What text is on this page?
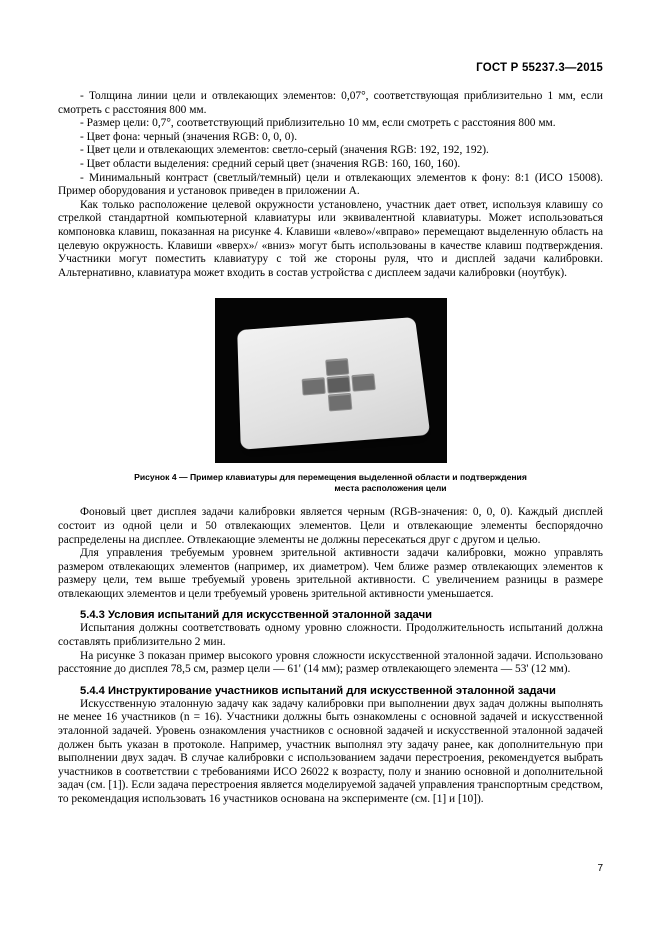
ГОСТ Р 55237.3—2015

- Толщина линии цели и отвлекающих элементов: 0,07°, соответствующая приблизительно 1 мм, если смотреть с расстояния 800 мм.

- Размер цели: 0,7°, соответствующий приблизительно 10 мм, если смотреть с расстояния 800 мм.

- Цвет фона: черный (значения RGB: 0, 0, 0).

- Цвет цели и отвлекающих элементов: светло-серый (значения RGB: 192, 192, 192).

- Цвет области выделения: средний серый цвет (значения RGB: 160, 160, 160).

- Минимальный контраст (светлый/темный) цели и отвлекающих элементов к фону: 8:1 (ИСО 15008). Пример оборудования и установок приведен в приложении А.

Как только расположение целевой окружности установлено, участник дает ответ, используя клавишу со стрелкой стандартной компьютерной клавиатуры или эквивалентной клавиатуры. Может использоваться компоновка клавиш, показанная на рисунке 4. Клавиши «влево»/«вправо» перемещают выделенную область на целевую окружность. Клавиши «вверх»/ «вниз» могут быть использованы в качестве клавиш подтверждения. Участники могут поместить клавиатуру с той же стороны руля, что и дисплей задачи калибровки. Альтернативно, клавиатура может входить в состав устройства с дисплеем задачи калибровки (ноутбук).

Рисунок 4 — Пример клавиатуры для перемещения выделенной области и подтверждения
места расположения цели

Фоновый цвет дисплея задачи калибровки является черным (RGB-значения: 0, 0, 0). Каждый дисплей состоит из одной цели и 50 отвлекающих элементов. Цели и отвлекающие элементы беспорядочно распределены на дисплее. Отвлекающие элементы не должны пересекаться друг с другом и целью.

Для управления требуемым уровнем зрительной активности задачи калибровки, можно управлять размером отвлекающих элементов (например, их диаметром). Чем ближе размер отвлекающих элементов к размеру цели, тем выше требуемый уровень зрительной активности. С увеличением разницы в размере отвлекающих элементов и цели требуемый уровень зрительной активности уменьшается.

5.4.3 Условия испытаний для искусственной эталонной задачи

Испытания должны соответствовать одному уровню сложности. Продолжительность испытаний должна составлять приблизительно 2 мин.

На рисунке 3 показан пример высокого уровня сложности искусственной эталонной задачи. Использовано расстояние до дисплея 78,5 см, размер цели — 61' (14 мм); размер отвлекающего элемента — 53' (12 мм).

5.4.4 Инструктирование участников испытаний для искусственной эталонной задачи

Искусственную эталонную задачу как задачу калибровки при выполнении двух задач должны выполнять не менее 16 участников (n = 16). Участники должны быть ознакомлены с основной задачей и искусственной эталонной задачей. Уровень ознакомления участников с основной задачей и искусственной эталонной задачей должен быть указан в протоколе. Например, участник выполнял эту задачу ранее, как дополнительную при выполнении двух задач. В случае калибровки с использованием задачи перестроения, рекомендуется выбрать участников в соответствии с требованиями ИСО 26022 к возрасту, полу и знанию основной и дополнительной задач (см. [1]). Если задача перестроения является моделируемой задачей управления транспортным средством, то рекомендация использовать 16 участников основана на эксперименте (см. [1] и [10]).

7
